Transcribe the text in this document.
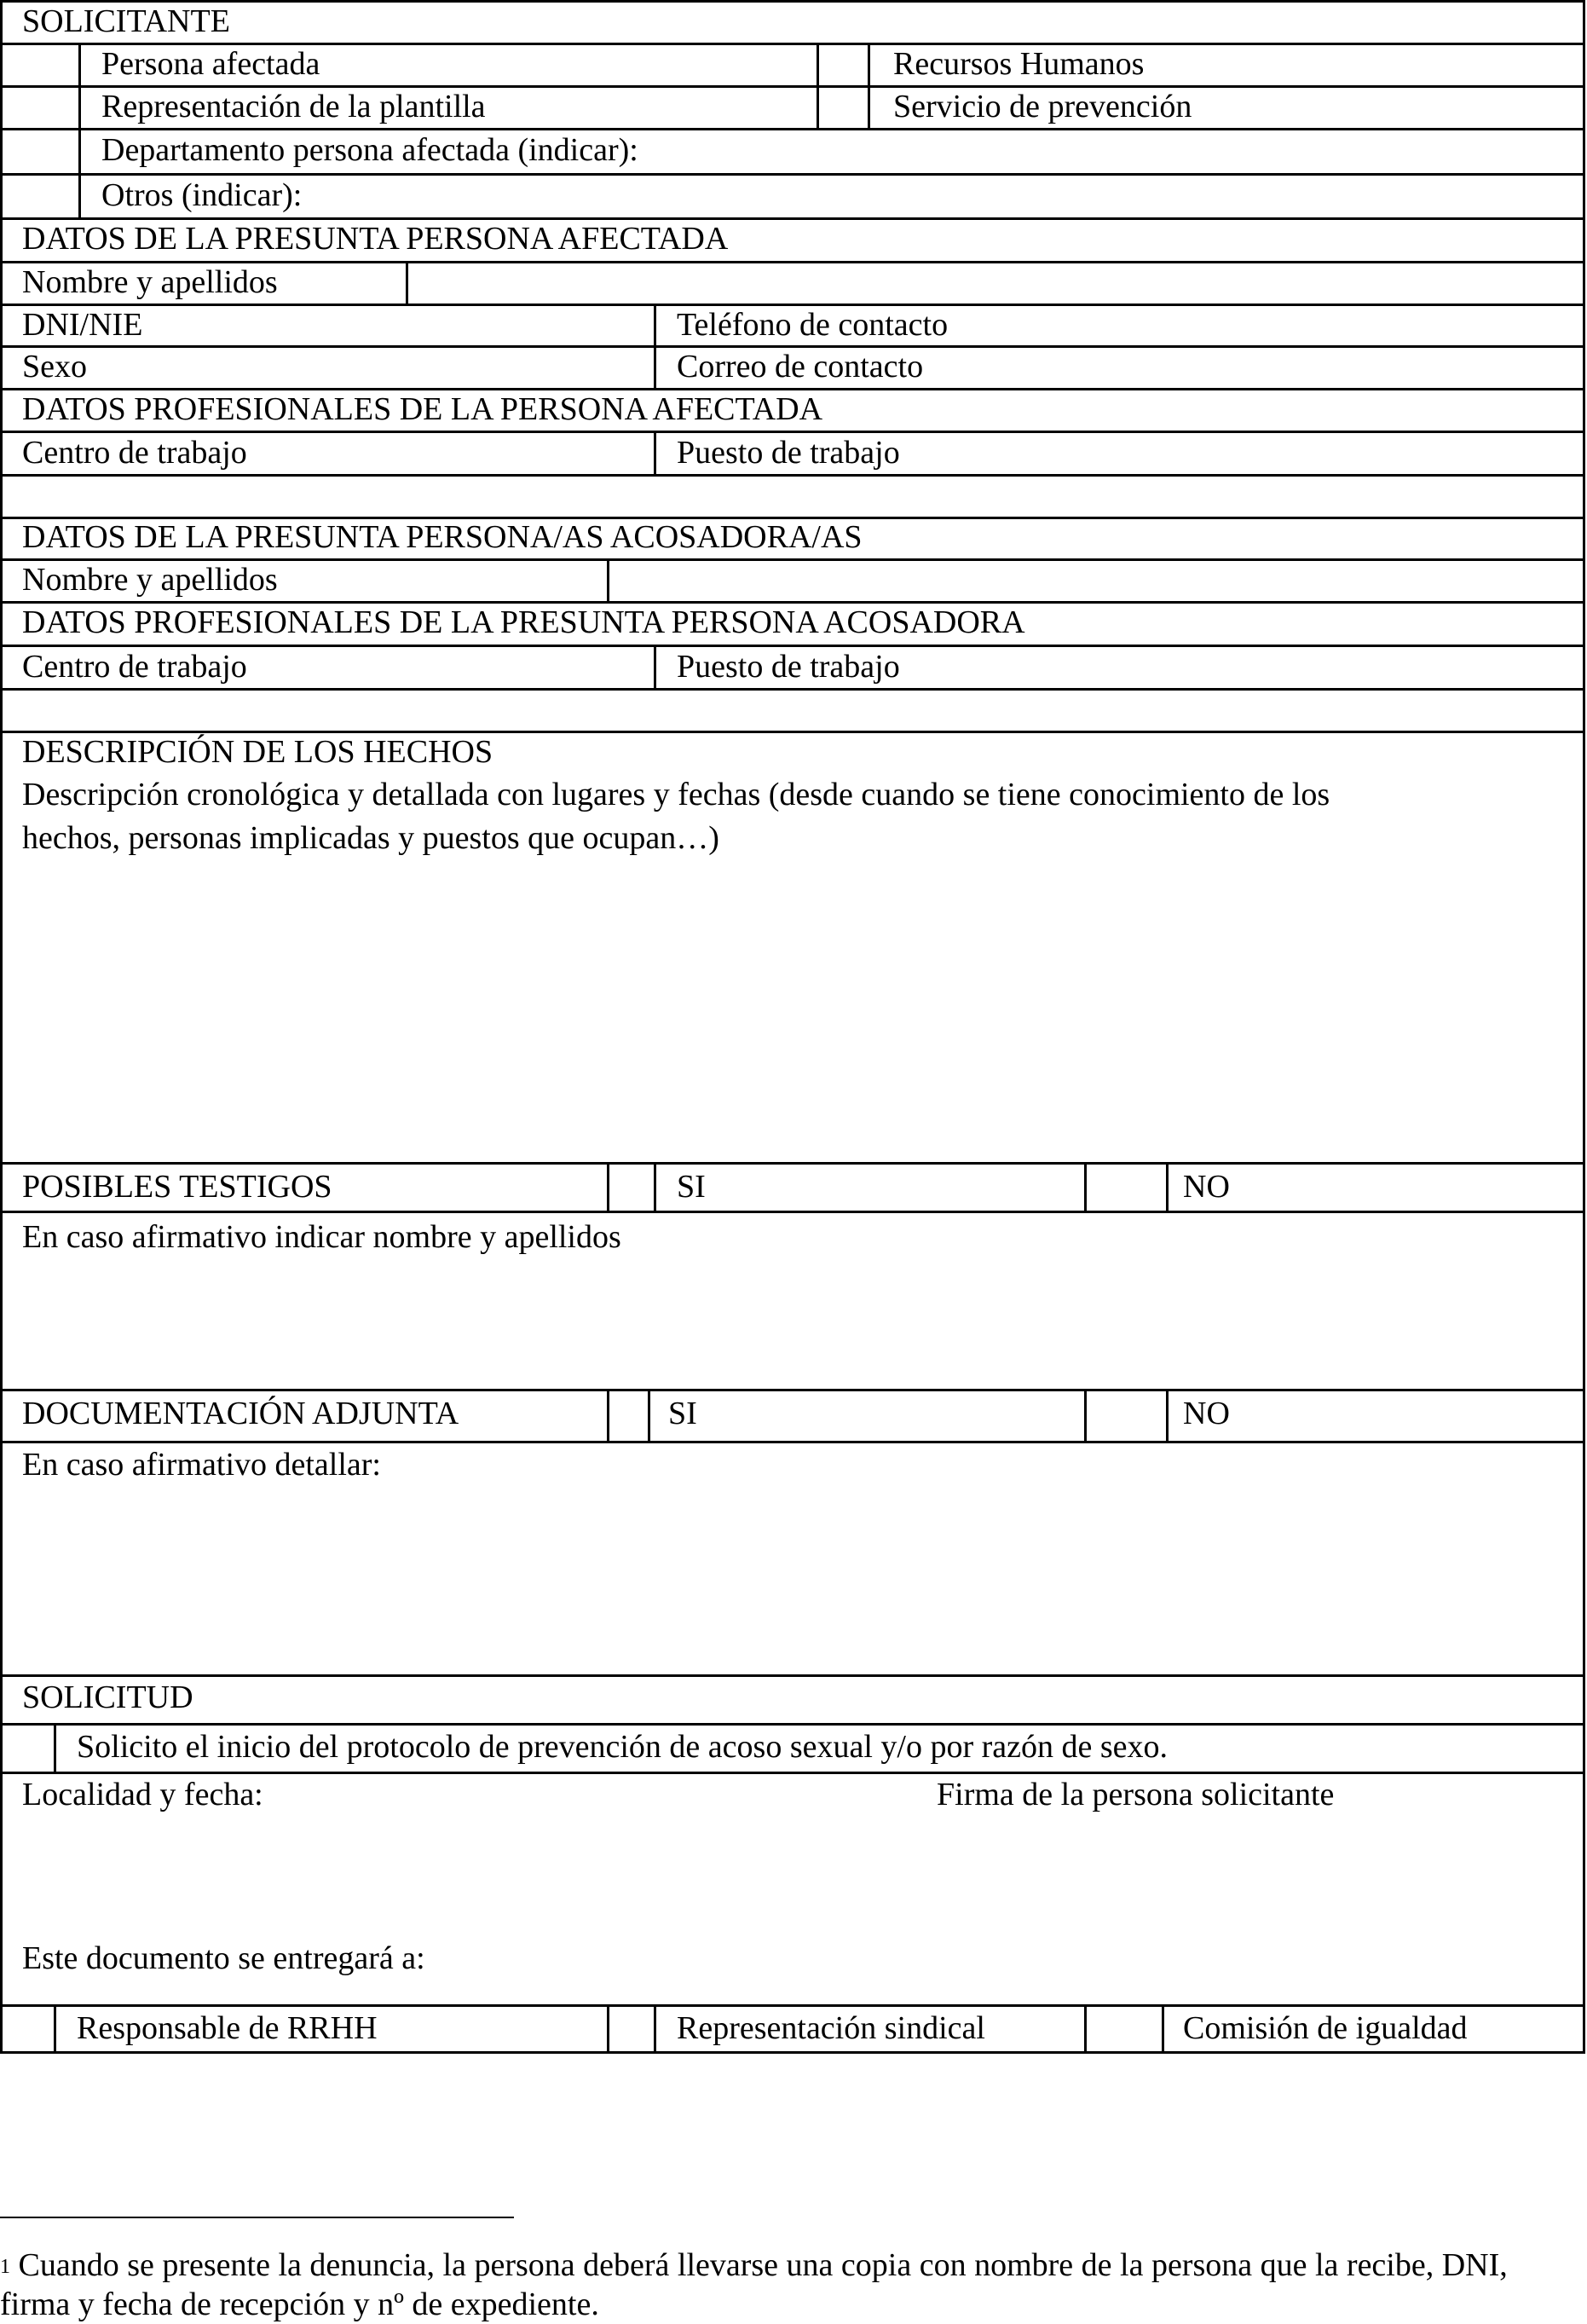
SOLICITANTE
Persona afectada	Recursos Humanos
Representación de la plantilla	Servicio de prevención
Departamento persona afectada (indicar):
Otros (indicar):
DATOS DE LA PRESUNTA PERSONA AFECTADA
Nombre y apellidos
DNI/NIE	Teléfono de contacto
Sexo	Correo de contacto
DATOS PROFESIONALES DE LA PERSONA AFECTADA
Centro de trabajo	Puesto de trabajo
DATOS DE LA PRESUNTA PERSONA/AS ACOSADORA/AS
Nombre y apellidos
DATOS PROFESIONALES DE LA PRESUNTA PERSONA ACOSADORA
Centro de trabajo	Puesto de trabajo
DESCRIPCIÓN DE LOS HECHOS
Descripción cronológica y detallada con lugares y fechas (desde cuando se tiene conocimiento de los
hechos, personas implicadas y puestos que ocupan…)
POSIBLES TESTIGOS	SI	NO
En caso afirmativo indicar nombre y apellidos
DOCUMENTACIÓN ADJUNTA	SI	NO
En caso afirmativo detallar:
SOLICITUD
Solicito el inicio del protocolo de prevención de acoso sexual y/o por razón de sexo.
Localidad y fecha:	Firma de la persona solicitante
Este documento se entregará a:
Responsable de RRHH	Representación sindical	Comisión de igualdad
$^1$ Cuando se presente la denuncia, la persona deberá llevarse una copia con nombre de la persona que la recibe, DNI, firma y fecha de recepción y nº de expediente.
